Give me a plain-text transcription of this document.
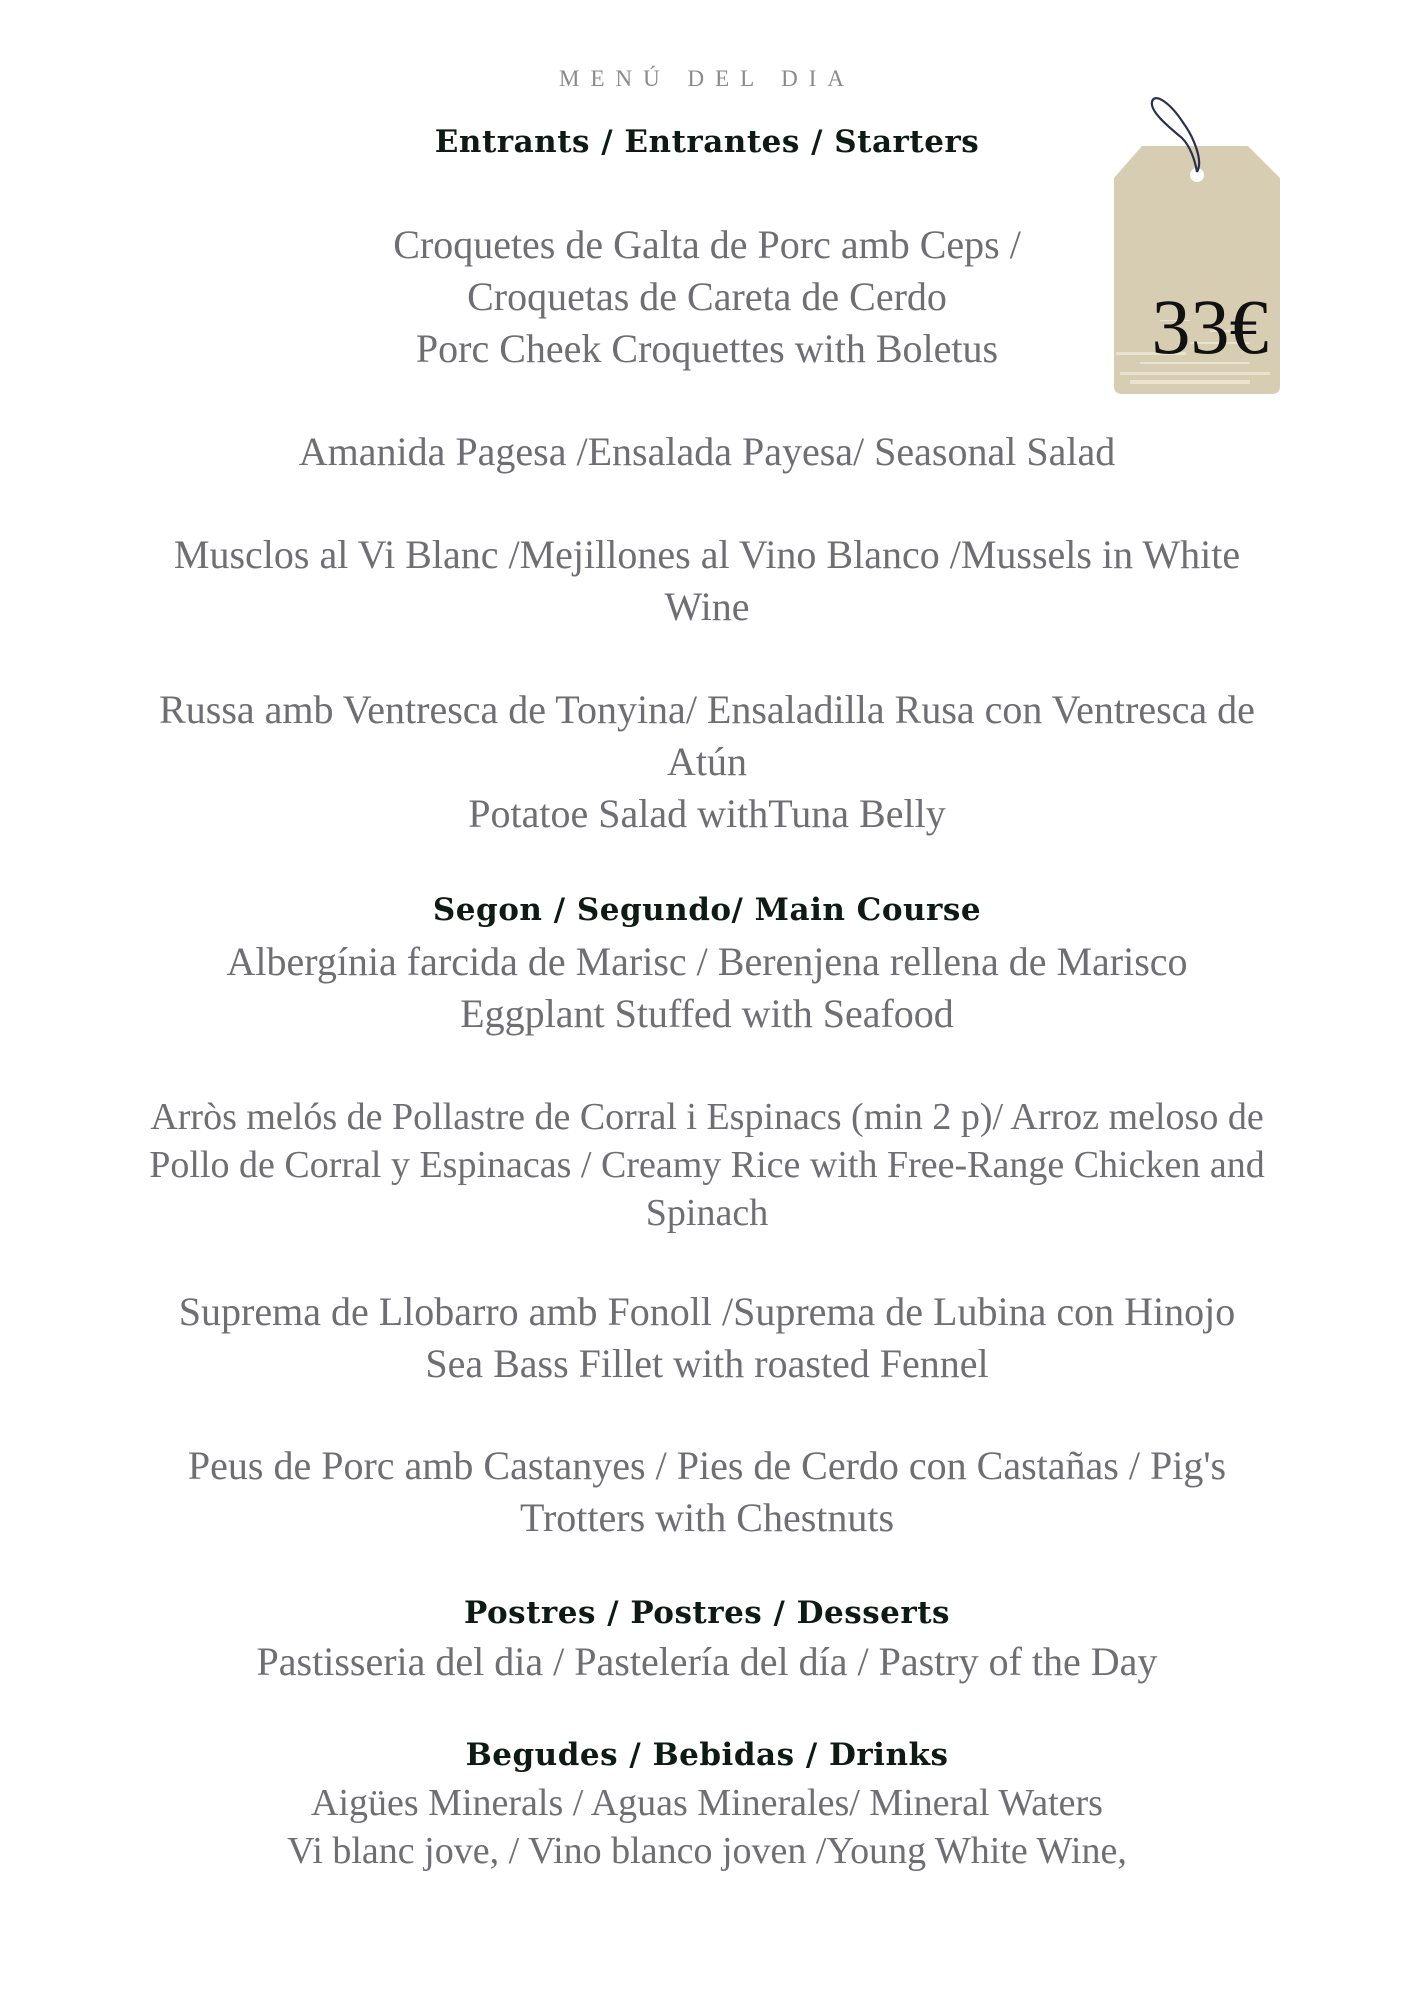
MENÚ DEL DIA
33€
Entrants / Entrantes / Starters
Croquetes de Galta de Porc amb Ceps /
Croquetas de Careta de Cerdo
Porc Cheek Croquettes with Boletus
Amanida Pagesa /Ensalada Payesa/ Seasonal Salad
Musclos al Vi Blanc /Mejillones al Vino Blanco /Mussels in White
Wine
Russa amb Ventresca de Tonyina/ Ensaladilla Rusa con Ventresca de
Atún
Potatoe Salad withTuna Belly
Segon / Segundo/ Main Course
Albergínia farcida de Marisc / Berenjena rellena de Marisco
Eggplant Stuffed with Seafood
Arròs melós de Pollastre de Corral i Espinacs (min 2 p)/ Arroz meloso de
Pollo de Corral y Espinacas / Creamy Rice with Free-Range Chicken and
Spinach
Suprema de Llobarro amb Fonoll /Suprema de Lubina con Hinojo
Sea Bass Fillet with roasted Fennel
Peus de Porc amb Castanyes / Pies de Cerdo con Castañas / Pig's
Trotters with Chestnuts
Postres / Postres / Desserts
Pastisseria del dia / Pastelería del día / Pastry of the Day
Begudes / Bebidas / Drinks
Aigües Minerals / Aguas Minerales/ Mineral Waters
Vi blanc jove, / Vino blanco joven /Young White Wine,
